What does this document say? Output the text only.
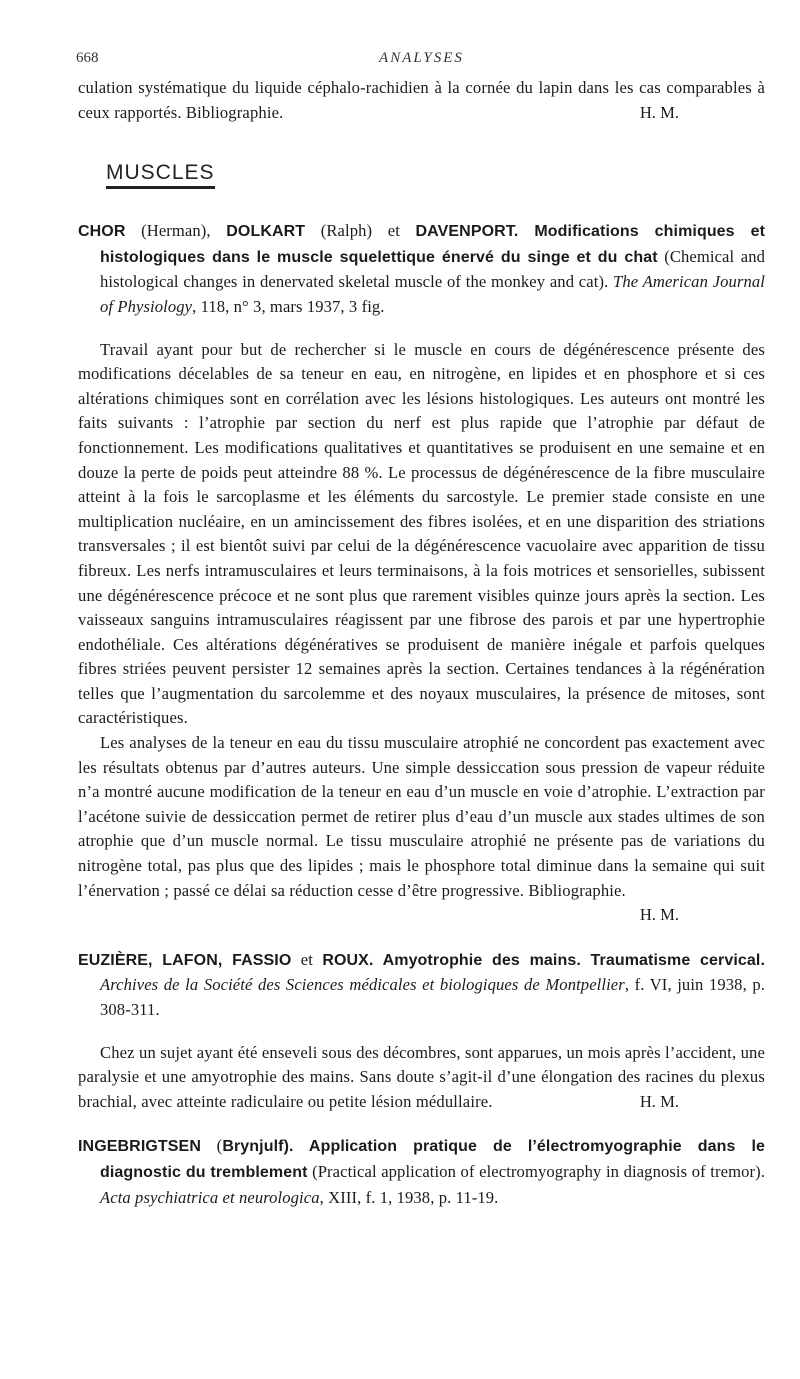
668	ANALYSES

culation systématique du liquide céphalo-rachidien à la cornée du lapin dans les cas comparables à ceux rapportés. Bibliographie.	H. M.

MUSCLES

CHOR (Herman), DOLKART (Ralph) et DAVENPORT. Modifications chimiques et histologiques dans le muscle squelettique énervé du singe et du chat (Chemical and histological changes in denervated skeletal muscle of the monkey and cat). The American Journal of Physiology, 118, n° 3, mars 1937, 3 fig.

Travail ayant pour but de rechercher si le muscle en cours de dégénérescence présente des modifications décelables de sa teneur en eau, en nitrogène, en lipides et en phosphore et si ces altérations chimiques sont en corrélation avec les lésions histologiques. Les auteurs ont montré les faits suivants : l’atrophie par section du nerf est plus rapide que l’atrophie par défaut de fonctionnement. Les modifications qualitatives et quantitatives se produisent en une semaine et en douze la perte de poids peut atteindre 88 %. Le processus de dégénérescence de la fibre musculaire atteint à la fois le sarcoplasme et les éléments du sarcostyle. Le premier stade consiste en une multiplication nucléaire, en un amincissement des fibres isolées, et en une disparition des striations transversales ; il est bientôt suivi par celui de la dégénérescence vacuolaire avec apparition de tissu fibreux. Les nerfs intramusculaires et leurs terminaisons, à la fois motrices et sensorielles, subissent une dégénérescence précoce et ne sont plus que rarement visibles quinze jours après la section. Les vaisseaux sanguins intramusculaires réagissent par une fibrose des parois et par une hypertrophie endothéliale. Ces altérations dégénératives se produisent de manière inégale et parfois quelques fibres striées peuvent persister 12 semaines après la section. Certaines tendances à la régénération telles que l’augmentation du sarcolemme et des noyaux musculaires, la présence de mitoses, sont caractéristiques.

Les analyses de la teneur en eau du tissu musculaire atrophié ne concordent pas exactement avec les résultats obtenus par d’autres auteurs. Une simple dessiccation sous pression de vapeur réduite n’a montré aucune modification de la teneur en eau d’un muscle en voie d’atrophie. L’extraction par l’acétone suivie de dessiccation permet de retirer plus d’eau d’un muscle aux stades ultimes de son atrophie que d’un muscle normal. Le tissu musculaire atrophié ne présente pas de variations du nitrogène total, pas plus que des lipides ; mais le phosphore total diminue dans la semaine qui suit l’énervation ; passé ce délai sa réduction cesse d’être progressive. Bibliographie.

H. M.

EUZIÈRE, LAFON, FASSIO et ROUX. Amyotrophie des mains. Traumatisme cervical. Archives de la Société des Sciences médicales et biologiques de Montpellier, f. VI, juin 1938, p. 308-311.

Chez un sujet ayant été enseveli sous des décombres, sont apparues, un mois après l’accident, une paralysie et une amyotrophie des mains. Sans doute s’agit-il d’une élongation des racines du plexus brachial, avec atteinte radiculaire ou petite lésion médullaire.	H. M.

INGEBRIGTSEN (Brynjulf). Application pratique de l’électromyographie dans le diagnostic du tremblement (Practical application of electromyography in diagnosis of tremor). Acta psychiatrica et neurologica, XIII, f. 1, 1938, p. 11-19.
